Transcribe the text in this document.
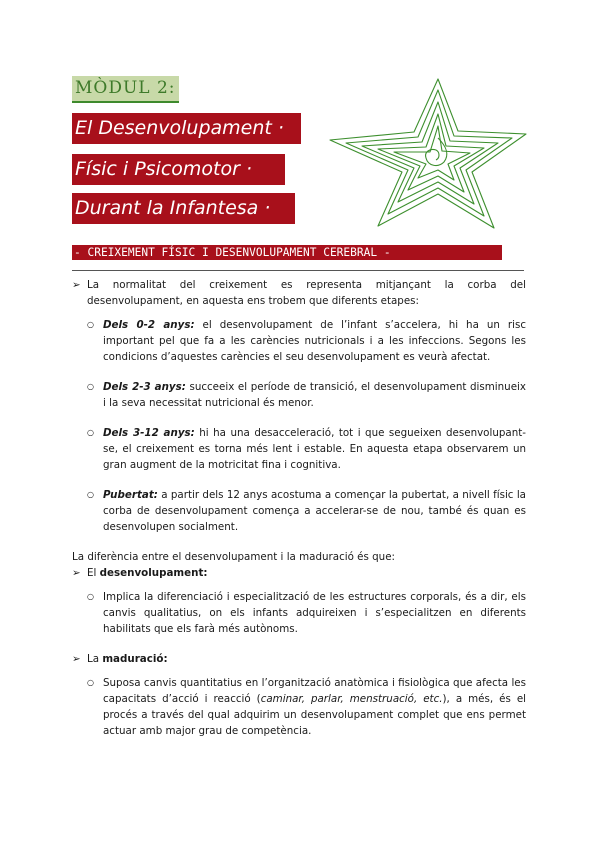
MÒDUL 2:
El Desenvolupament ·
Físic i Psicomotor ·
Durant la Infantesa ·
- CREIXEMENT FÍSIC I DESENVOLUPAMENT CEREBRAL -
➢ La normalitat del creixement es representa mitjançant la corba del desenvolupament, en aquesta ens trobem que diferents etapes:
○ Dels 0-2 anys: el desenvolupament de l’infant s’accelera, hi ha un risc important pel que fa a les carències nutricionals i a les infeccions. Segons les condicions d’aquestes carències el seu desenvolupament es veurà afectat.
○ Dels 2-3 anys: succeeix el període de transició, el desenvolupament disminueix i la seva necessitat nutricional és menor.
○ Dels 3-12 anys: hi ha una desacceleració, tot i que segueixen desenvolupant-se, el creixement es torna més lent i estable. En aquesta etapa observarem un gran augment de la motricitat fina i cognitiva.
○ Pubertat: a partir dels 12 anys acostuma a començar la pubertat, a nivell físic la corba de desenvolupament comença a accelerar-se de nou, també és quan es desenvolupen socialment.

La diferència entre el desenvolupament i la maduració és que:

➢ El desenvolupament:
○ Implica la diferenciació i especialització de les estructures corporals, és a dir, els canvis qualitatius, on els infants adquireixen i s’especialitzen en diferents habilitats que els farà més autònoms.
➢ La maduració:
○ Suposa canvis quantitatius en l’organització anatòmica i fisiològica que afecta les capacitats d’acció i reacció (caminar, parlar, menstruació, etc.), a més, és el procés a través del qual adquirim un desenvolupament complet que ens permet actuar amb major grau de competència.
